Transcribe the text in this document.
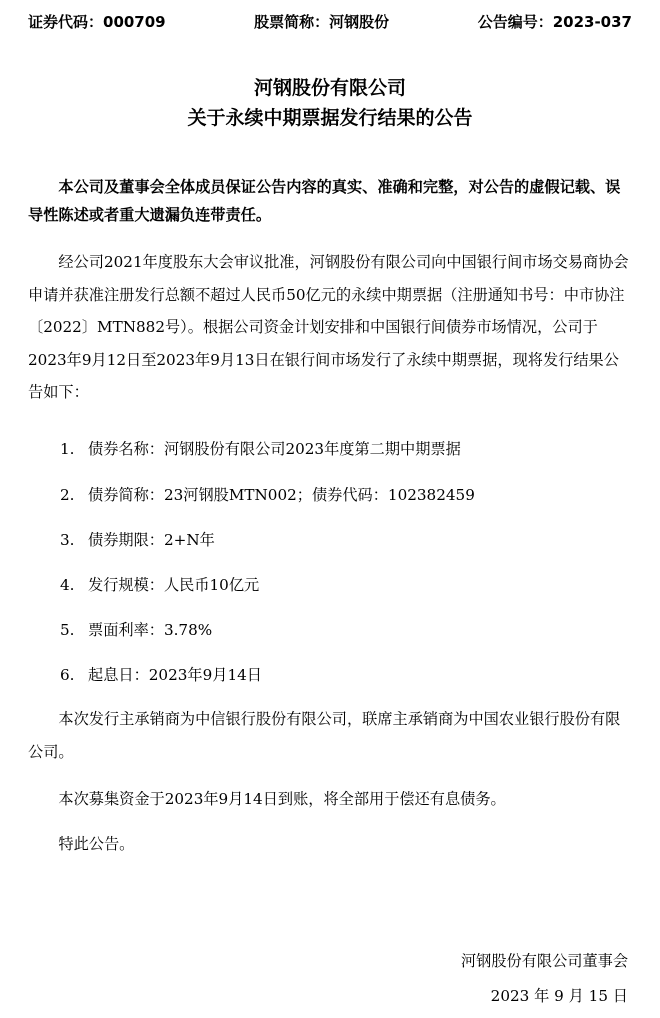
证券代码：000709	股票简称：河钢股份	公告编号：2023-037
河钢股份有限公司
关于永续中期票据发行结果的公告
本公司及董事会全体成员保证公告内容的真实、准确和完整，对公告的虚假记载、误导性陈述或者重大遗漏负连带责任。
经公司2021年度股东大会审议批准，河钢股份有限公司向中国银行间市场交易商协会申请并获准注册发行总额不超过人民币50亿元的永续中期票据（注册通知书号：中市协注〔2022〕MTN882号）。根据公司资金计划安排和中国银行间债券市场情况，公司于2023年9月12日至2023年9月13日在银行间市场发行了永续中期票据，现将发行结果公告如下：
1. 债券名称：河钢股份有限公司2023年度第二期中期票据
2. 债券简称：23河钢股MTN002；债券代码：102382459
3. 债券期限：2+N年
4. 发行规模：人民币10亿元
5. 票面利率：3.78%
6. 起息日：2023年9月14日
本次发行主承销商为中信银行股份有限公司，联席主承销商为中国农业银行股份有限公司。
本次募集资金于2023年9月14日到账，将全部用于偿还有息债务。
特此公告。
河钢股份有限公司董事会
2023 年 9 月 15 日
